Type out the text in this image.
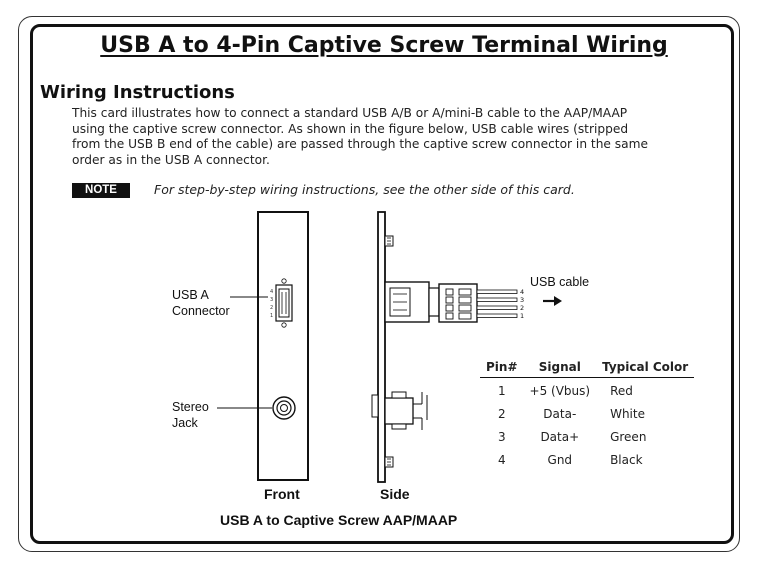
USB A to 4-Pin Captive Screw Terminal Wiring
Wiring Instructions
This card illustrates how to connect a standard USB A/B or A/mini-B cable to the AAP/MAAP
using the captive screw connector. As shown in the figure below, USB cable wires (stripped
from the USB B end of the cable) are passed through the captive screw connector in the same
order as in the USB A connector.
NOTE	For step-by-step wiring instructions, see the other side of this card.
4
3
2
1
4
3
2
1
USB A
Connector
Stereo
Jack
USB cable
Front	Side
USB A to Captive Screw AAP/MAAP
Pin#	Signal	Typical Color
1	+5 (Vbus)	Red
2	Data-	White
3	Data+	Green
4	Gnd	Black
